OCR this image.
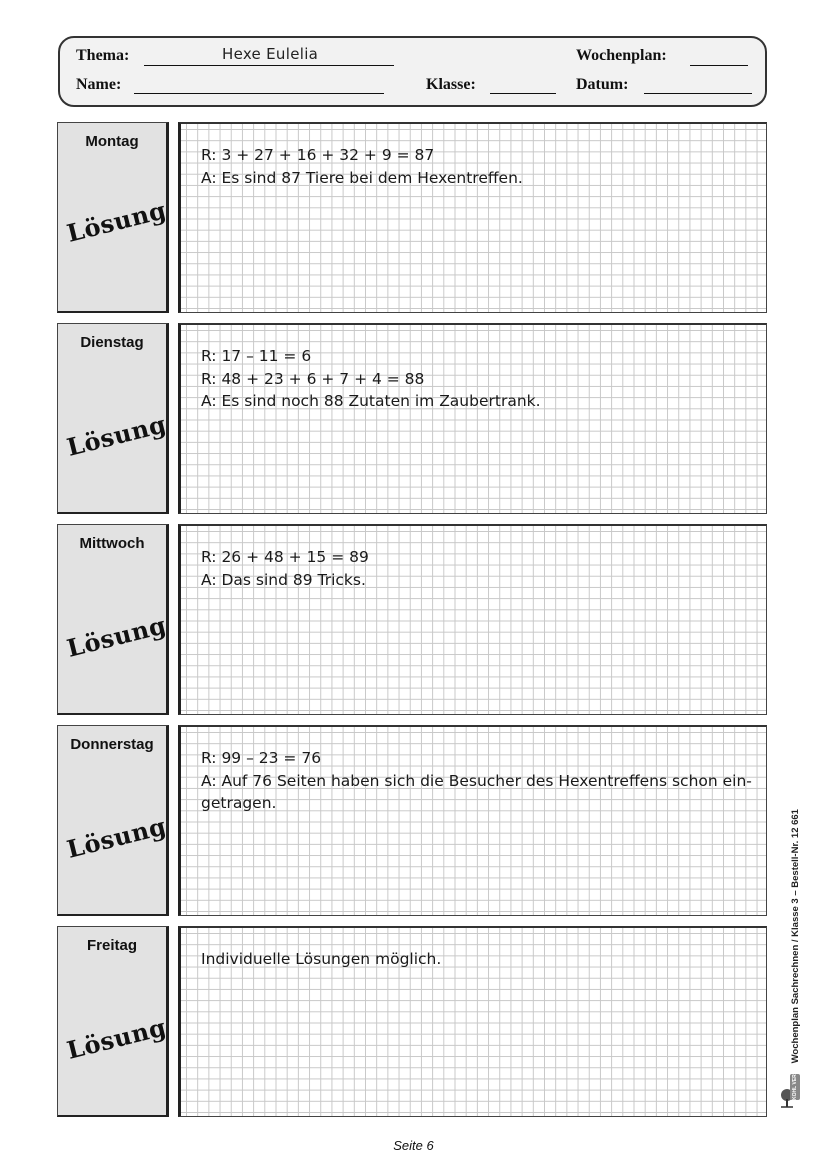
Thema:	Hexe Eulelia	Wochenplan:
Name:	Klasse:	Datum:
Montag
Lösung
R: 3 + 27 + 16 + 32 + 9 = 87
A: Es sind 87 Tiere bei dem Hexentreffen.
Dienstag
Lösung
R: 17 – 11 = 6
R: 48 + 23 + 6 + 7 + 4 = 88
A: Es sind noch 88 Zutaten im Zaubertrank.
Mittwoch
Lösung
R: 26 + 48 + 15 = 89
A: Das sind 89 Tricks.
Donnerstag
Lösung
R: 99 – 23 = 76
A: Auf 76 Seiten haben sich die Besucher des Hexentreffens schon ein-
getragen.
Freitag
Lösung
Individuelle Lösungen möglich.
KOHL VERLAG Wochenplan Sachrechnen / Klasse 3 – Bestell-Nr. 12 661
Seite 6
